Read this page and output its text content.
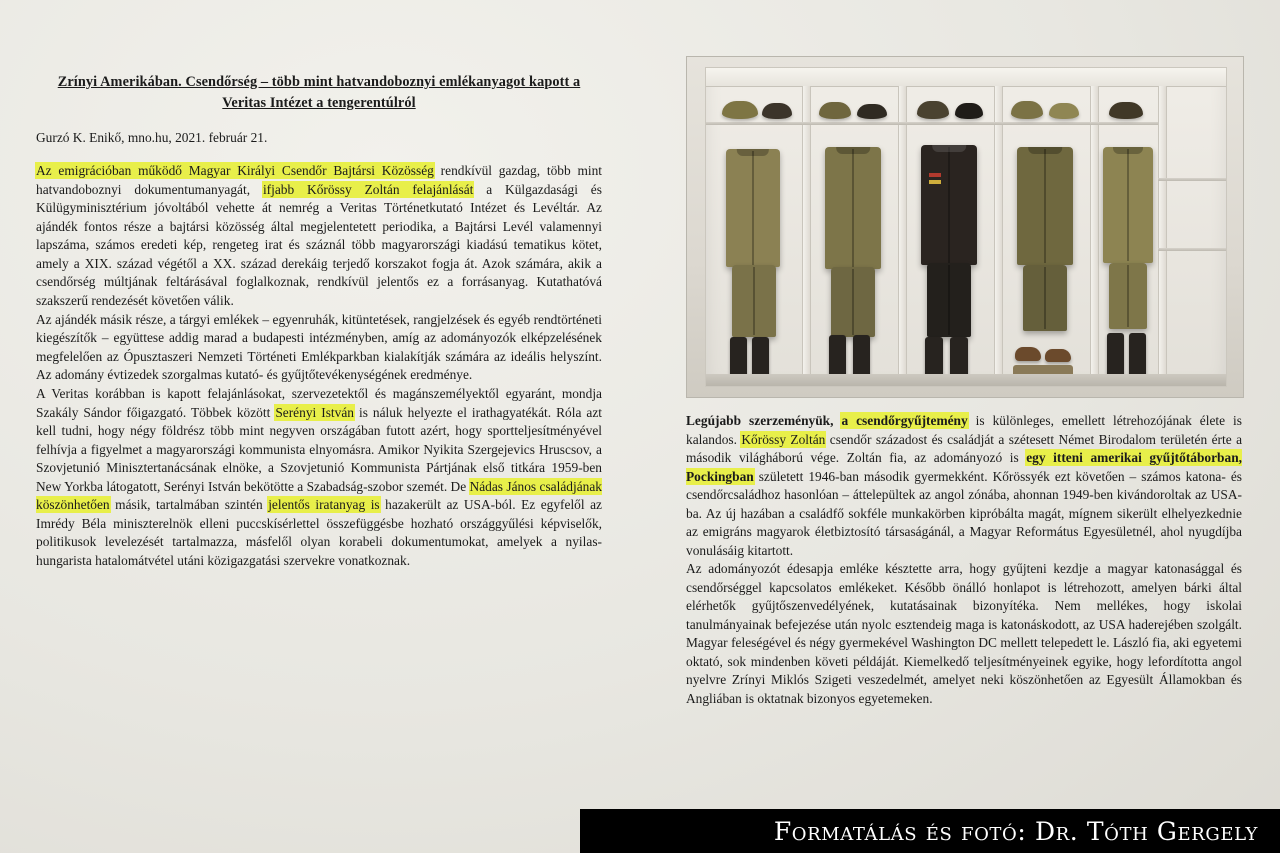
Zrínyi Amerikában. Csendőrség – több mint hatvandoboznyi emlékanyagot kapott a Veritas Intézet a tengerentúlról
Gurzó K. Enikő, mno.hu, 2021. február 21.

Az emigrációban működő Magyar Királyi Csendőr Bajtársi Közösség rendkívül gazdag, több mint hatvandoboznyi dokumentumanyagát, ifjabb Kőrössy Zoltán felajánlását a Külgazdasági és Külügyminisztérium jóvoltából vehette át nemrég a Veritas Történetkutató Intézet és Levéltár. Az ajándék fontos része a bajtársi közösség által megjelentetett periodika, a Bajtársi Levél valamennyi lapszáma, számos eredeti kép, rengeteg irat és száznál több magyarországi kiadású tematikus kötet, amely a XIX. század végétől a XX. század derekáig terjedő korszakot fogja át. Azok számára, akik a csendőrség múltjának feltárásával foglalkoznak, rendkívül jelentős ez a forrásanyag. Kutathatóvá szakszerű rendezését követően válik.

Az ajándék másik része, a tárgyi emlékek – egyenruhák, kitüntetések, rangjelzések és egyéb rendtörténeti kiegészítők – együttese addig marad a budapesti intézményben, amíg az adományozók elképzelésének megfelelően az Ópusztaszeri Nemzeti Történeti Emlékparkban kialakítják számára az ideális helyszínt. Az adomány évtizedek szorgalmas kutató- és gyűjtőtevékenységének eredménye.

A Veritas korábban is kapott felajánlásokat, szervezetektől és magánszemélyektől egyaránt, mondja Szakály Sándor főigazgató. Többek között Serényi István is náluk helyezte el irathagyatékát. Róla azt kell tudni, hogy négy földrész több mint negyven országában futott azért, hogy sportteljesítményével felhívja a figyelmet a magyarországi kommunista elnyomásra. Amikor Nyikita Szergejevics Hruscsov, a Szovjetunió Minisztertanácsának elnöke, a Szovjetunió Kommunista Pártjának első titkára 1959-ben New Yorkba látogatott, Serényi István bekötötte a Szabadság-szobor szemét. De Nádas János családjának köszönhetően másik, tartalmában szintén jelentős iratanyag is hazakerült az USA-ból. Ez egyfelől az Imrédy Béla miniszterelnök elleni puccskísérlettel összefüggésbe hozható országgyűlési képviselők, politikusok levelezését tartalmazza, másfelől olyan korabeli dokumentumokat, amelyek a nyilas-hungarista hatalomátvétel utáni közigazgatási szervekre vonatkoznak.

Legújabb szerzeményük, a csendőrgyűjtemény is különleges, emellett létrehozójának élete is kalandos. Kőrössy Zoltán csendőr századost és családját a szétesett Német Birodalom területén érte a második világháború vége. Zoltán fia, az adományozó is egy itteni amerikai gyűjtőtáborban, Pockingban született 1946-ban második gyermekként. Kőrössyék ezt követően – számos katona- és csendőrcsaládhoz hasonlóan – áttelepültek az angol zónába, ahonnan 1949-ben kivándoroltak az USA-ba. Az új hazában a családfő sokféle munkakörben kipróbálta magát, mígnem sikerült elhelyezkednie az emigráns magyarok életbiztosító társaságánál, a Magyar Református Egyesületnél, ahol nyugdíjba vonulásáig kitartott.

Az adományozót édesapja emléke késztette arra, hogy gyűjteni kezdje a magyar katonasággal és csendőrséggel kapcsolatos emlékeket. Később önálló honlapot is létrehozott, amelyen bárki által elérhetők gyűjtőszenvedélyének, kutatásainak bizonyítéka. Nem mellékes, hogy iskolai tanulmányainak befejezése után nyolc esztendeig maga is katonáskodott, az USA haderejében szolgált. Magyar feleségével és négy gyermekével Washington DC mellett telepedett le. László fia, aki egyetemi oktató, sok mindenben követi példáját. Kiemelkedő teljesítményeinek egyike, hogy lefordította angol nyelvre Zrínyi Miklós Szigeti veszedelmét, amelyet neki köszönhetően az Egyesült Államokban és Angliában is oktatnak bizonyos egyetemeken.

Formatálás és fotó: Dr. Tóth Gergely
